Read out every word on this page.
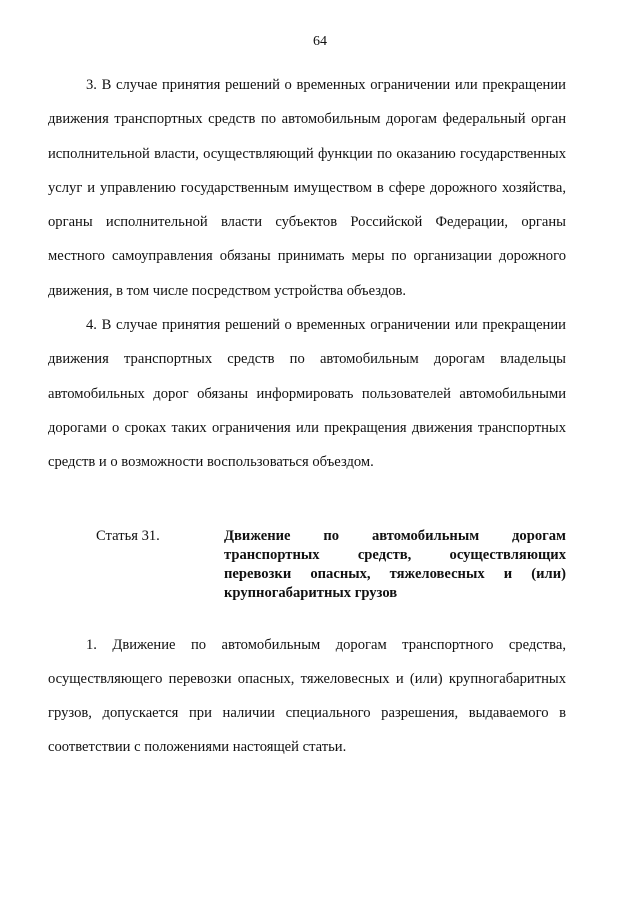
64

3. В случае принятия решений о временных ограничении или прекращении движения транспортных средств по автомобильным дорогам федеральный орган исполнительной власти, осуществляющий функции по оказанию государственных услуг и управлению государственным имуществом в сфере дорожного хозяйства, органы исполнительной власти субъектов Российской Федерации, органы местного самоуправления обязаны принимать меры по организации дорожного движения, в том числе посредством устройства объездов.

4. В случае принятия решений о временных ограничении или прекращении движения транспортных средств по автомобильным дорогам владельцы автомобильных дорог обязаны информировать пользователей автомобильными дорогами о сроках таких ограничения или прекращения движения транспортных средств и о возможности воспользоваться объездом.

Статья 31.	Движение по автомобильным дорогам транспортных средств, осуществляющих перевозки опасных, тяжеловесных и (или) крупногабаритных грузов

1. Движение по автомобильным дорогам транспортного средства, осуществляющего перевозки опасных, тяжеловесных и (или) крупногабаритных грузов, допускается при наличии специального разрешения, выдаваемого в соответствии с положениями настоящей статьи.
